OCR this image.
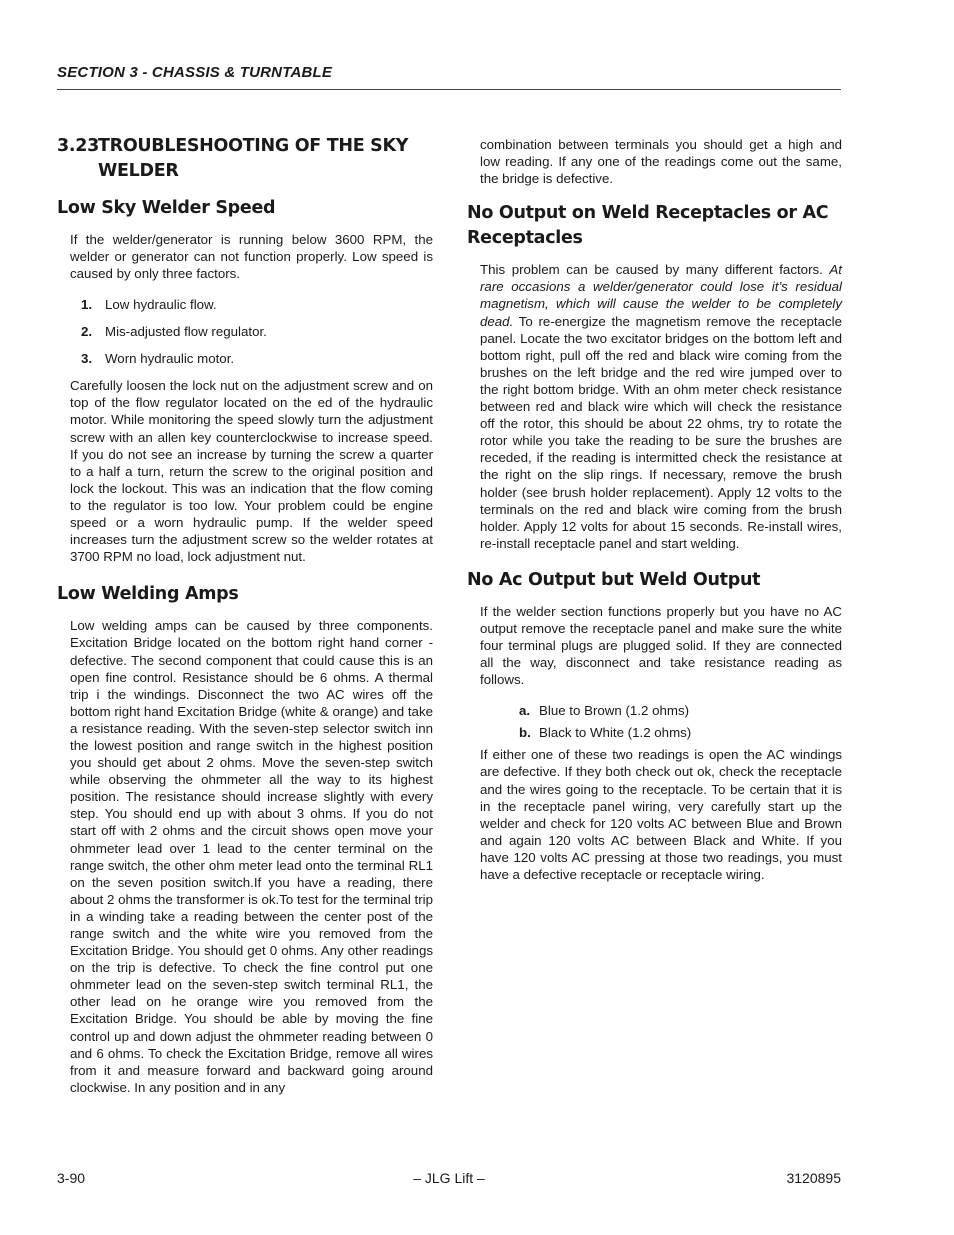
SECTION 3 - CHASSIS & TURNTABLE
3.23TROUBLESHOOTING OF THE SKY
WELDER
Low Sky Welder Speed

If the welder/generator is running below 3600 RPM, the welder or generator can not function properly. Low speed is caused by only three factors.

1. Low hydraulic flow.
2. Mis-adjusted flow regulator.
3. Worn hydraulic motor.

Carefully loosen the lock nut on the adjustment screw and on top of the flow regulator located on the ed of the hydraulic motor. While monitoring the speed slowly turn the adjustment screw with an allen key counterclockwise to increase speed. If you do not see an increase by turning the screw a quarter to a half a turn, return the screw to the original position and lock the lockout. This was an indication that the flow coming to the regulator is too low. Your problem could be engine speed or a worn hydraulic pump. If the welder speed increases turn the adjustment screw so the welder rotates at 3700 RPM no load, lock adjustment nut.

Low Welding Amps

Low welding amps can be caused by three components. Excitation Bridge located on the bottom right hand corner - defective. The second component that could cause this is an open fine control. Resistance should be 6 ohms. A thermal trip i the windings. Disconnect the two AC wires off the bottom right hand Excitation Bridge (white & orange) and take a resistance reading. With the seven-step selector switch inn the lowest position and range switch in the highest position you should get about 2 ohms. Move the seven-step switch while observing the ohmmeter all the way to its highest position. The resistance should increase slightly with every step. You should end up with about 3 ohms. If you do not start off with 2 ohms and the circuit shows open move your ohmmeter lead over 1 lead to the center terminal on the range switch, the other ohm meter lead onto the terminal RL1 on the seven position switch.If you have a reading, there about 2 ohms the transformer is ok.To test for the terminal trip in a winding take a reading between the center post of the range switch and the white wire you removed from the Excitation Bridge. You should get 0 ohms. Any other readings on the trip is defective. To check the fine control put one ohmmeter lead on the seven-step switch terminal RL1, the other lead on he orange wire you removed from the Excitation Bridge. You should be able by moving the fine control up and down adjust the ohmmeter reading between 0 and 6 ohms. To check the Excitation Bridge, remove all wires from it and measure forward and backward going around clockwise. In any position and in any

combination between terminals you should get a high and low reading. If any one of the readings come out the same, the bridge is defective.

No Output on Weld Receptacles or AC Receptacles

This problem can be caused by many different factors. At rare occasions a welder/generator could lose it’s residual magnetism, which will cause the welder to be completely dead. To re-energize the magnetism remove the receptacle panel. Locate the two excitator bridges on the bottom left and bottom right, pull off the red and black wire coming from the brushes on the left bridge and the red wire jumped over to the right bottom bridge. With an ohm meter check resistance between red and black wire which will check the resistance off the rotor, this should be about 22 ohms, try to rotate the rotor while you take the reading to be sure the brushes are receded, if the reading is intermitted check the resistance at the right on the slip rings. If necessary, remove the brush holder (see brush holder replacement). Apply 12 volts to the terminals on the red and black wire coming from the brush holder. Apply 12 volts for about 15 seconds. Re-install wires, re-install receptacle panel and start welding.

No Ac Output but Weld Output

If the welder section functions properly but you have no AC output remove the receptacle panel and make sure the white four terminal plugs are plugged solid. If they are connected all the way, disconnect and take resistance reading as follows.

a. Blue to Brown (1.2 ohms)
b. Black to White (1.2 ohms)

If either one of these two readings is open the AC windings are defective. If they both check out ok, check the receptacle and the wires going to the receptacle. To be certain that it is in the receptacle panel wiring, very carefully start up the welder and check for 120 volts AC between Blue and Brown and again 120 volts AC between Black and White. If you have 120 volts AC pressing at those two readings, you must have a defective receptacle or receptacle wiring.

3-90	– JLG Lift –	3120895
